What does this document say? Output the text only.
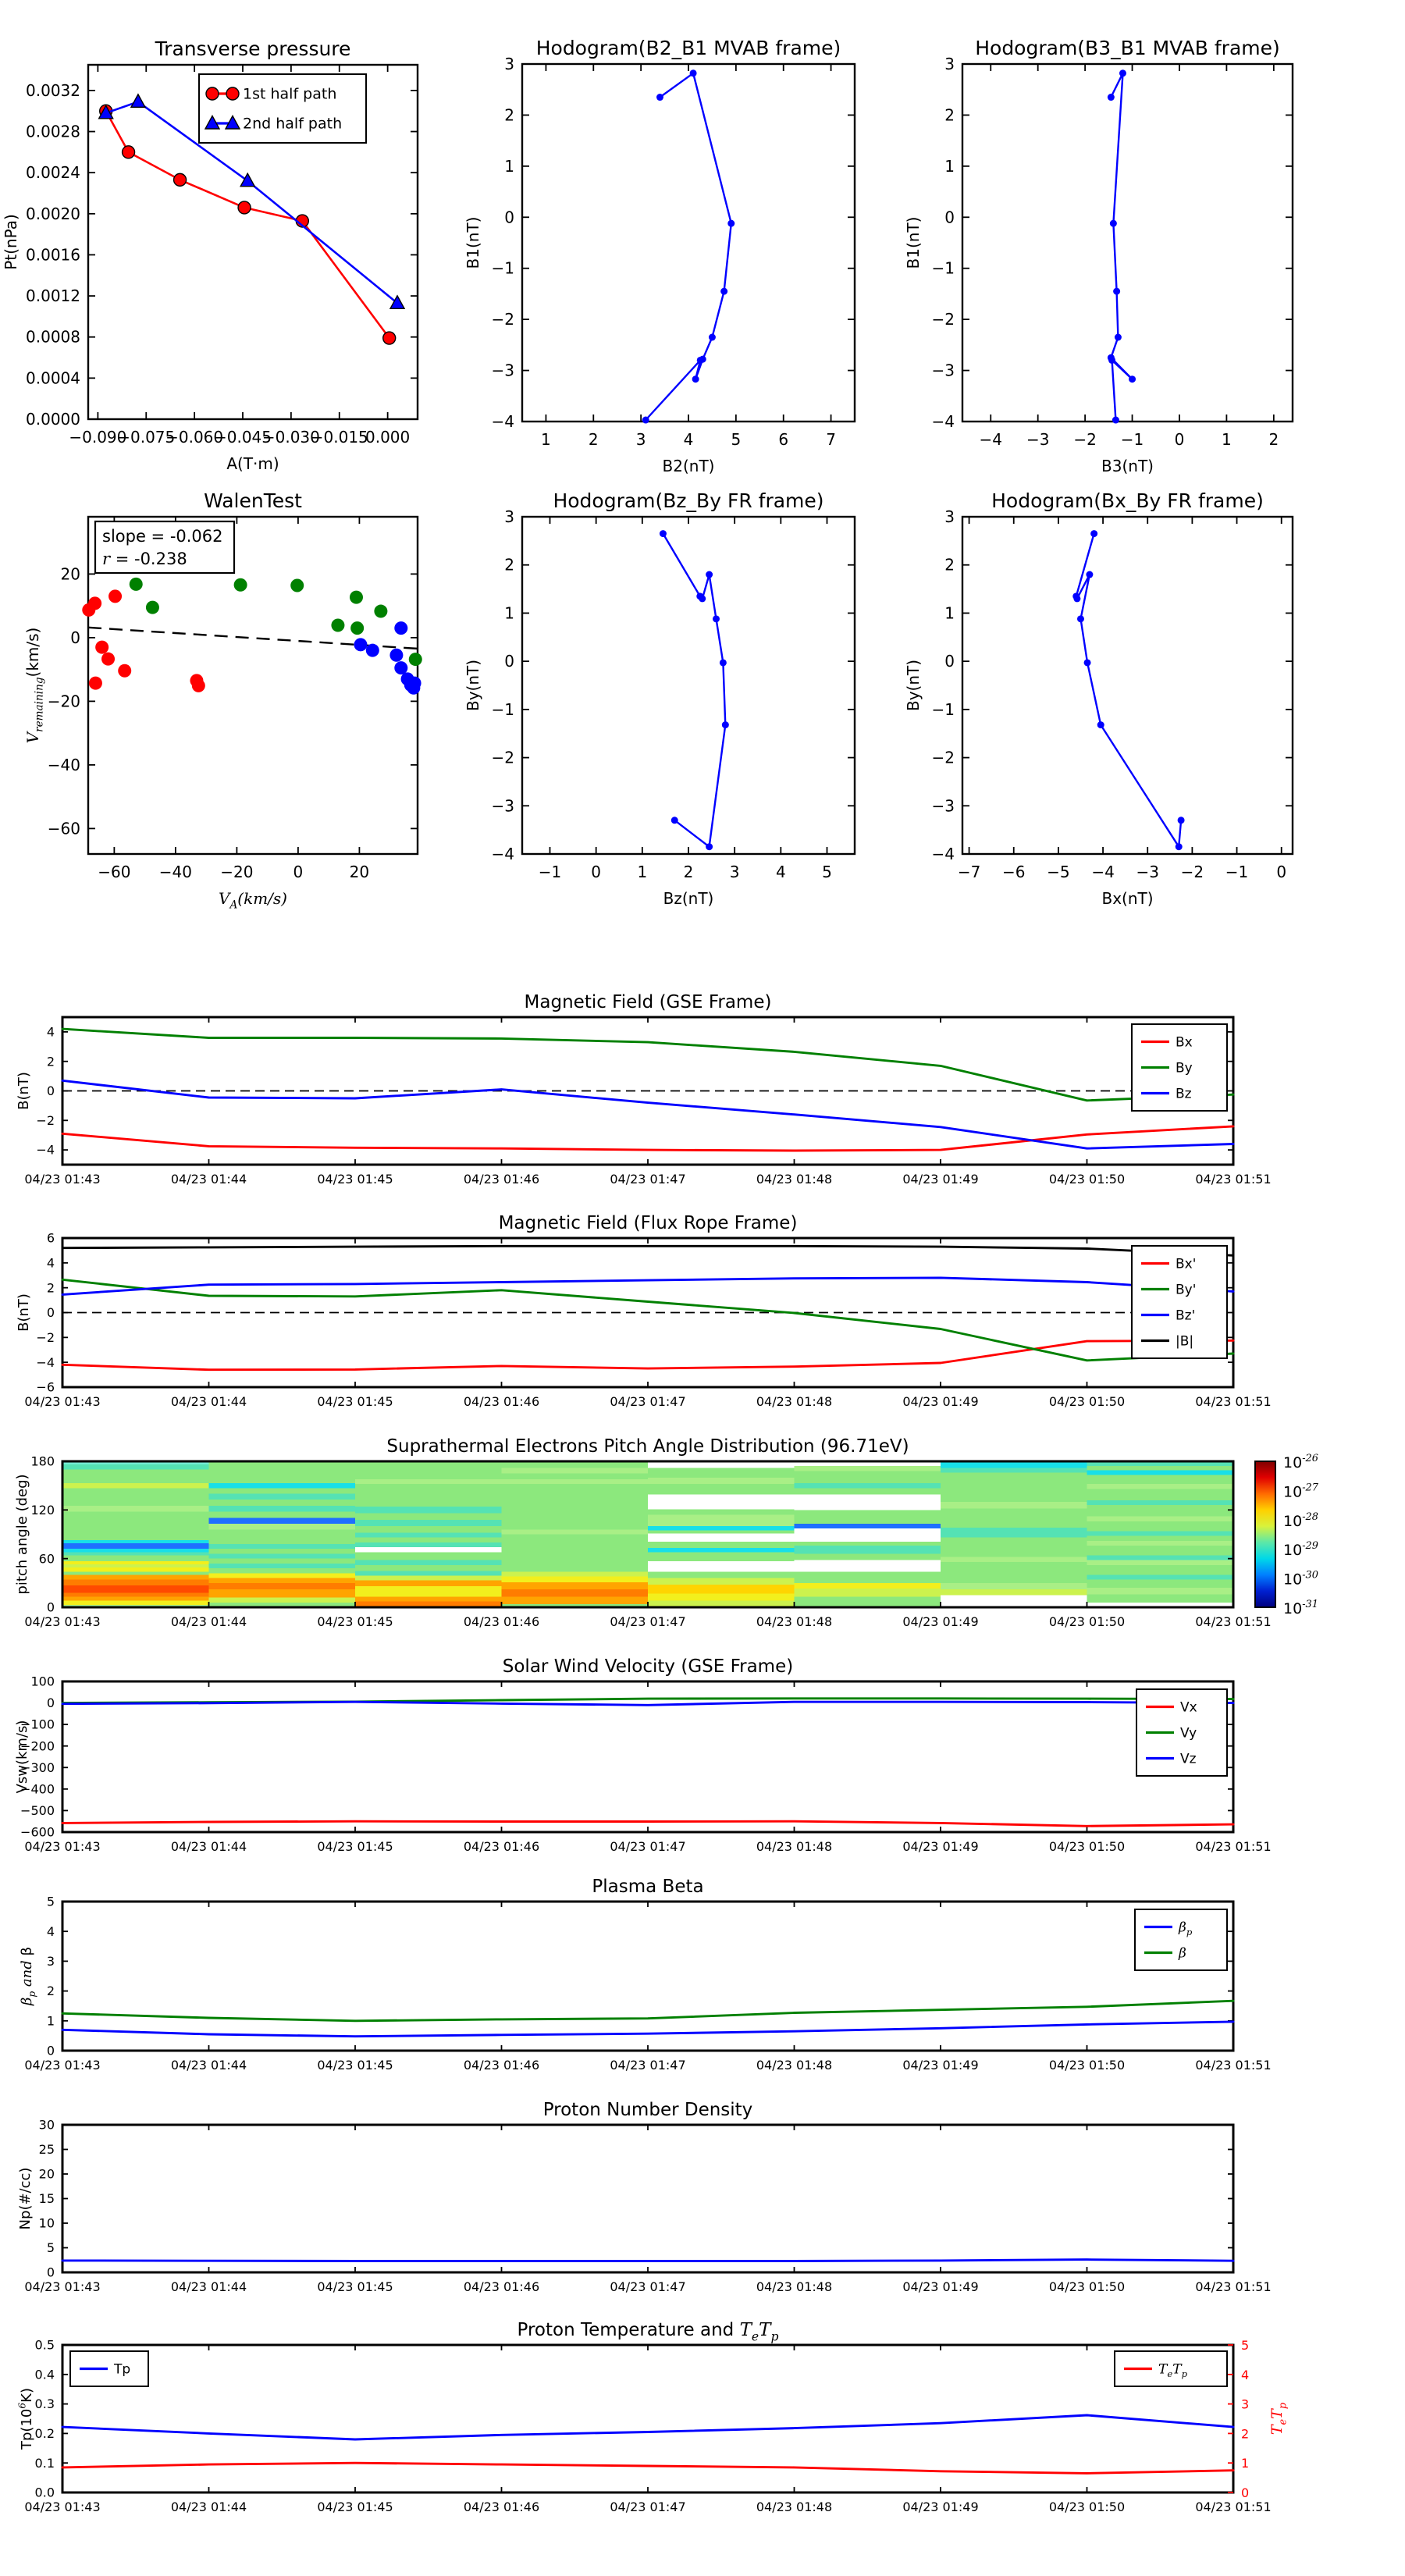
−0.090
−0.075
−0.060
−0.045
−0.030
−0.015
0.000
0.0000
0.0004
0.0008
0.0012
0.0016
0.0020
0.0024
0.0028
0.0032
Transverse pressure
A(T·m)
Pt(nPa)
1st half path
2nd half path
1 2 3 4 5 6 7
−4
−3
−2
−1
0
1
2
3
Hodogram(B2_B1 MVAB frame)
B2(nT)
B1(nT)
−4 −3 −2 −1 0 1 2
−4
−3
−2
−1
0
1
2
3
Hodogram(B3_B1 MVAB frame)
B3(nT)
B1(nT)
−60 −40 −20	0	20
20
0
−20
−40
−60
WalenTest
$V_A(km/s)$
$V_{remaining}(km/s)$
slope = -0.062
r = -0.238
−1 0 1 2 3 4 5
−4
−3
−2
−1
0
1
2
3
Hodogram(Bz_By FR frame)
Bz(nT)
By(nT)
−7 −6 −5 −4 −3 −2 −1 0
−4
−3
−2
−1
0
1
2
3
Hodogram(Bx_By FR frame)
Bx(nT)
By(nT)
04/23 01:43	04/23 01:44	04/23 01:45	04/23 01:46	04/23 01:47	04/23 01:48	04/23 01:49	04/23 01:50	04/23 01:51
−4
−2
0
2
4
Magnetic Field (GSE Frame)
B(nT)
Bx
By
Bz
04/23 01:43	04/23 01:44	04/23 01:45	04/23 01:46	04/23 01:47	04/23 01:48	04/23 01:49	04/23 01:50	04/23 01:51
−6
−4
−2
0
2
4
6
Magnetic Field (Flux Rope Frame)
B(nT)
Bx'
By'
Bz'
|B|
$10^{-26}$
$10^{-27}$
$10^{-28}$
$10^{-29}$
$10^{-30}$
$10^{-31}$
04/23 01:43	04/23 01:44	04/23 01:45	04/23 01:46	04/23 01:47	04/23 01:48	04/23 01:49	04/23 01:50	04/23 01:51
0
60
120
180
Suprathermal Electrons Pitch Angle Distribution (96.71eV)
pitch angle (deg)
04/23 01:43	04/23 01:44	04/23 01:45	04/23 01:46	04/23 01:47	04/23 01:48	04/23 01:49	04/23 01:50	04/23 01:51
100
0
−100
−200
−300
−400
−500
−600
Solar Wind Velocity (GSE Frame)
Vsw(km/s)
Vx
Vy
Vz
04/23 01:43	04/23 01:44	04/23 01:45	04/23 01:46	04/23 01:47	04/23 01:48	04/23 01:49	04/23 01:50	04/23 01:51
0
1
2
3
4
5
Plasma Beta
$\beta_p$ and β
$\beta_p$
β
04/23 01:43	04/23 01:44	04/23 01:45	04/23 01:46	04/23 01:47	04/23 01:48	04/23 01:49	04/23 01:50	04/23 01:51
0
5
10
15
20
25
30
Proton Number Density
Np(#/cc)
04/23 01:43	04/23 01:44	04/23 01:45	04/23 01:46	04/23 01:47	04/23 01:48	04/23 01:49	04/23 01:50	04/23 01:51
0.0
0.1
0.2
0.3
0.4
0.5
0
1
2
3
4
5
$T_eT_p$
Proton Temperature and $T_eT_p$
$Tp(10^6K)$
Tp	$T_eT_p$
